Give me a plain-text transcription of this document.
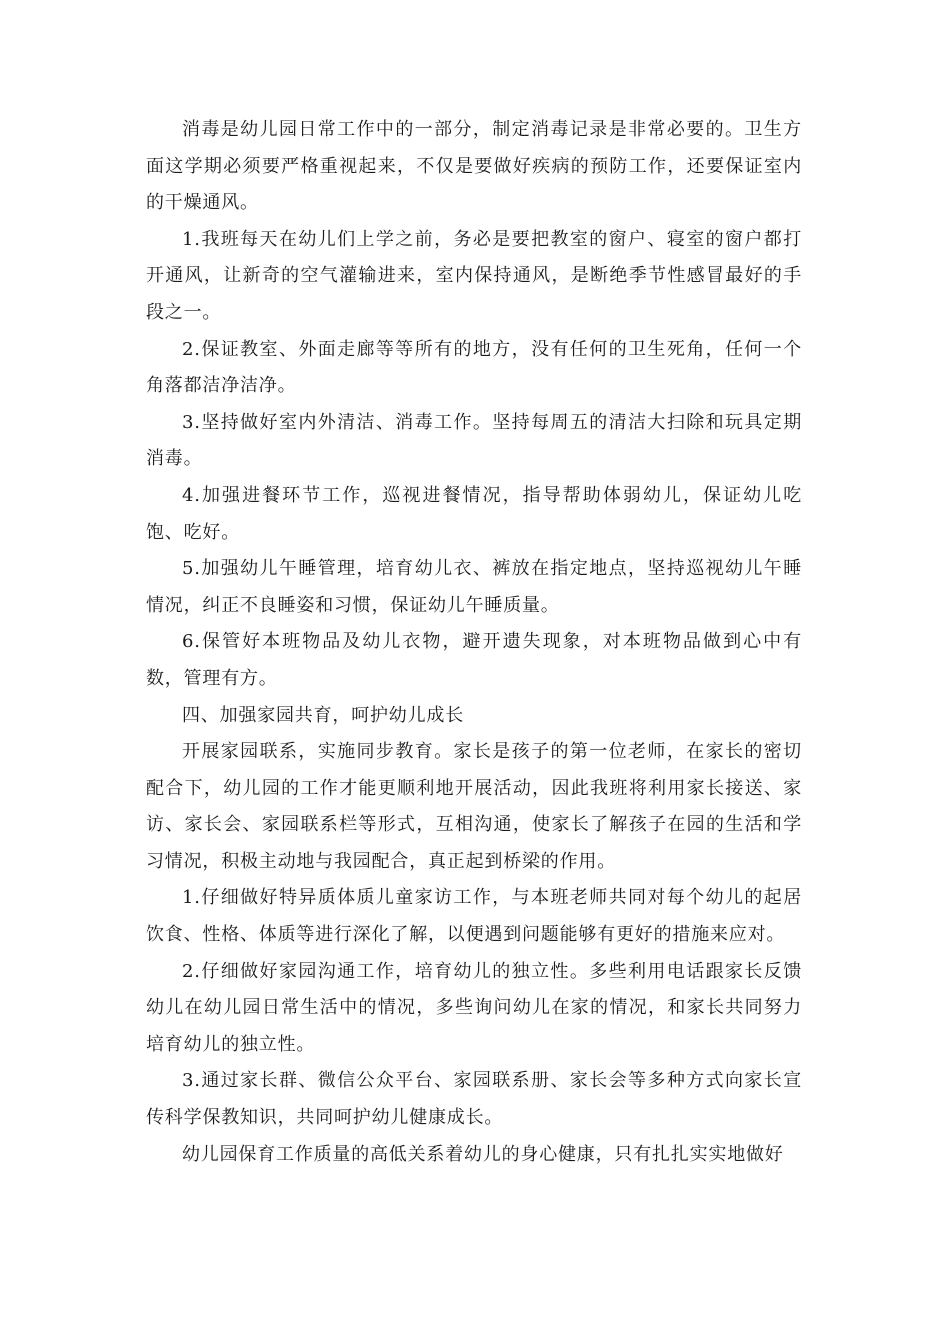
消毒是幼儿园日常工作中的一部分，制定消毒记录是非常必要的。卫生方面这学期必须要严格重视起来，不仅是要做好疾病的预防工作，还要保证室内的干燥通风。

1.我班每天在幼儿们上学之前，务必是要把教室的窗户、寝室的窗户都打开通风，让新奇的空气灌输进来，室内保持通风，是断绝季节性感冒最好的手段之一。

2.保证教室、外面走廊等等所有的地方，没有任何的卫生死角，任何一个角落都洁净洁净。

3.坚持做好室内外清洁、消毒工作。坚持每周五的清洁大扫除和玩具定期消毒。

4.加强进餐环节工作，巡视进餐情况，指导帮助体弱幼儿，保证幼儿吃饱、吃好。

5.加强幼儿午睡管理，培育幼儿衣、裤放在指定地点，坚持巡视幼儿午睡情况，纠正不良睡姿和习惯，保证幼儿午睡质量。

6.保管好本班物品及幼儿衣物，避开遗失现象，对本班物品做到心中有数，管理有方。

四、加强家园共育，呵护幼儿成长

开展家园联系，实施同步教育。家长是孩子的第一位老师，在家长的密切配合下，幼儿园的工作才能更顺利地开展活动，因此我班将利用家长接送、家访、家长会、家园联系栏等形式，互相沟通，使家长了解孩子在园的生活和学习情况，积极主动地与我园配合，真正起到桥梁的作用。

1.仔细做好特异质体质儿童家访工作，与本班老师共同对每个幼儿的起居饮食、性格、体质等进行深化了解，以便遇到问题能够有更好的措施来应对。

2.仔细做好家园沟通工作，培育幼儿的独立性。多些利用电话跟家长反馈幼儿在幼儿园日常生活中的情况，多些询问幼儿在家的情况，和家长共同努力培育幼儿的独立性。

3.通过家长群、微信公众平台、家园联系册、家长会等多种方式向家长宣传科学保教知识，共同呵护幼儿健康成长。

幼儿园保育工作质量的高低关系着幼儿的身心健康，只有扎扎实实地做好
